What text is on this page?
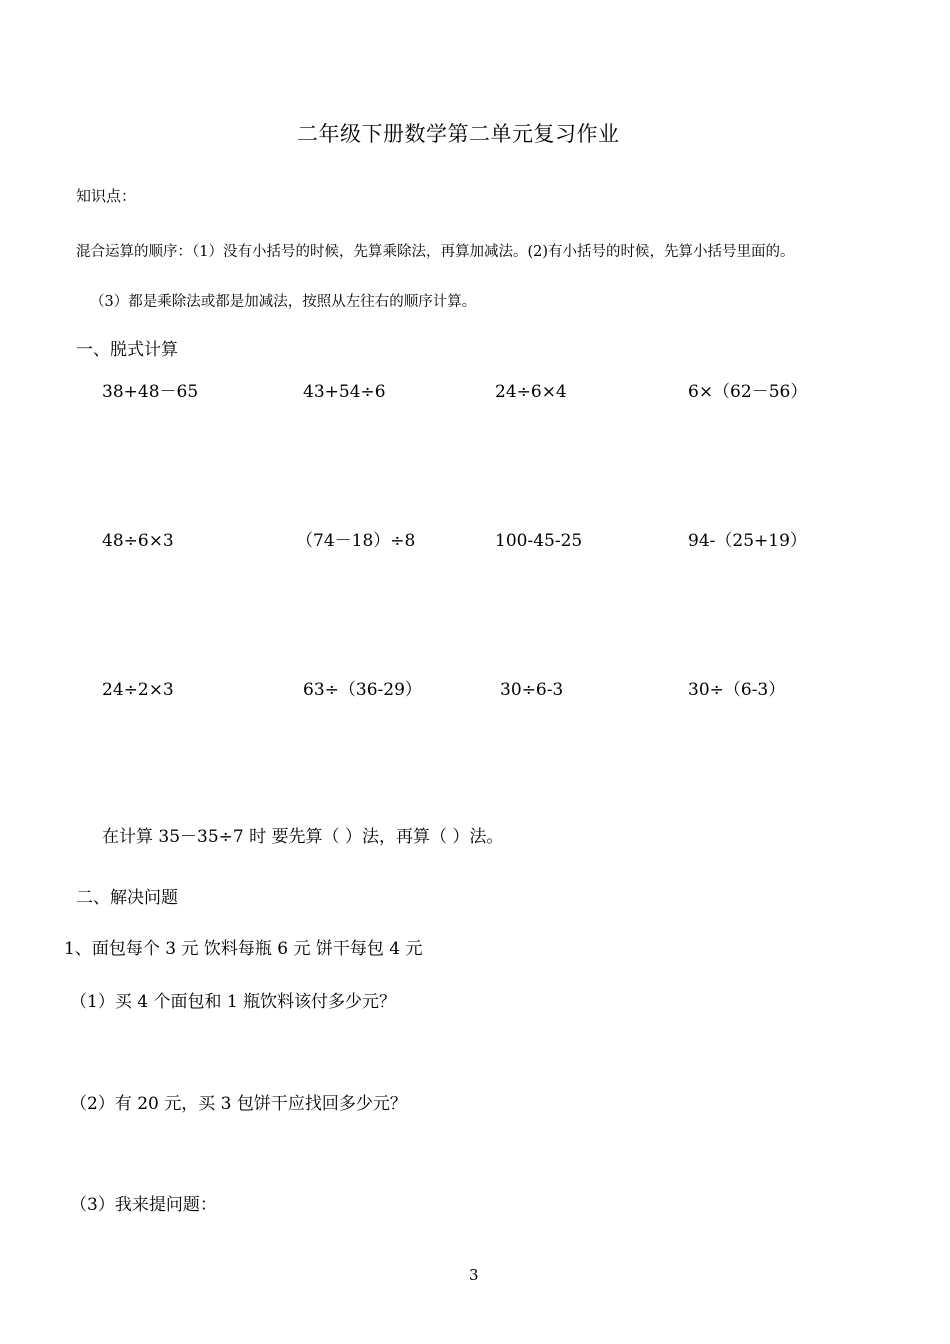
二年级下册数学第二单元复习作业
知识点：
混合运算的顺序：（1）没有小括号的时候，先算乘除法，再算加减法。(2)有小括号的时候，先算小括号里面的。
（3）都是乘除法或都是加减法，按照从左往右的顺序计算。
一、脱式计算
38+48－65	43+54÷6	24÷6×4	6×（62－56）
48÷6×3	（74－18）÷8	100-45-25	94-（25+19）
24÷2×3	63÷（36-29）	30÷6-3	30÷（6-3）
在计算 35－35÷7 时 要先算（ ）法，再算（ ）法。
二、解决问题
1、面包每个 3 元 饮料每瓶 6 元 饼干每包 4 元
（1）买 4 个面包和 1 瓶饮料该付多少元？
（2）有 20 元，买 3 包饼干应找回多少元？
（3）我来提问题：
3
